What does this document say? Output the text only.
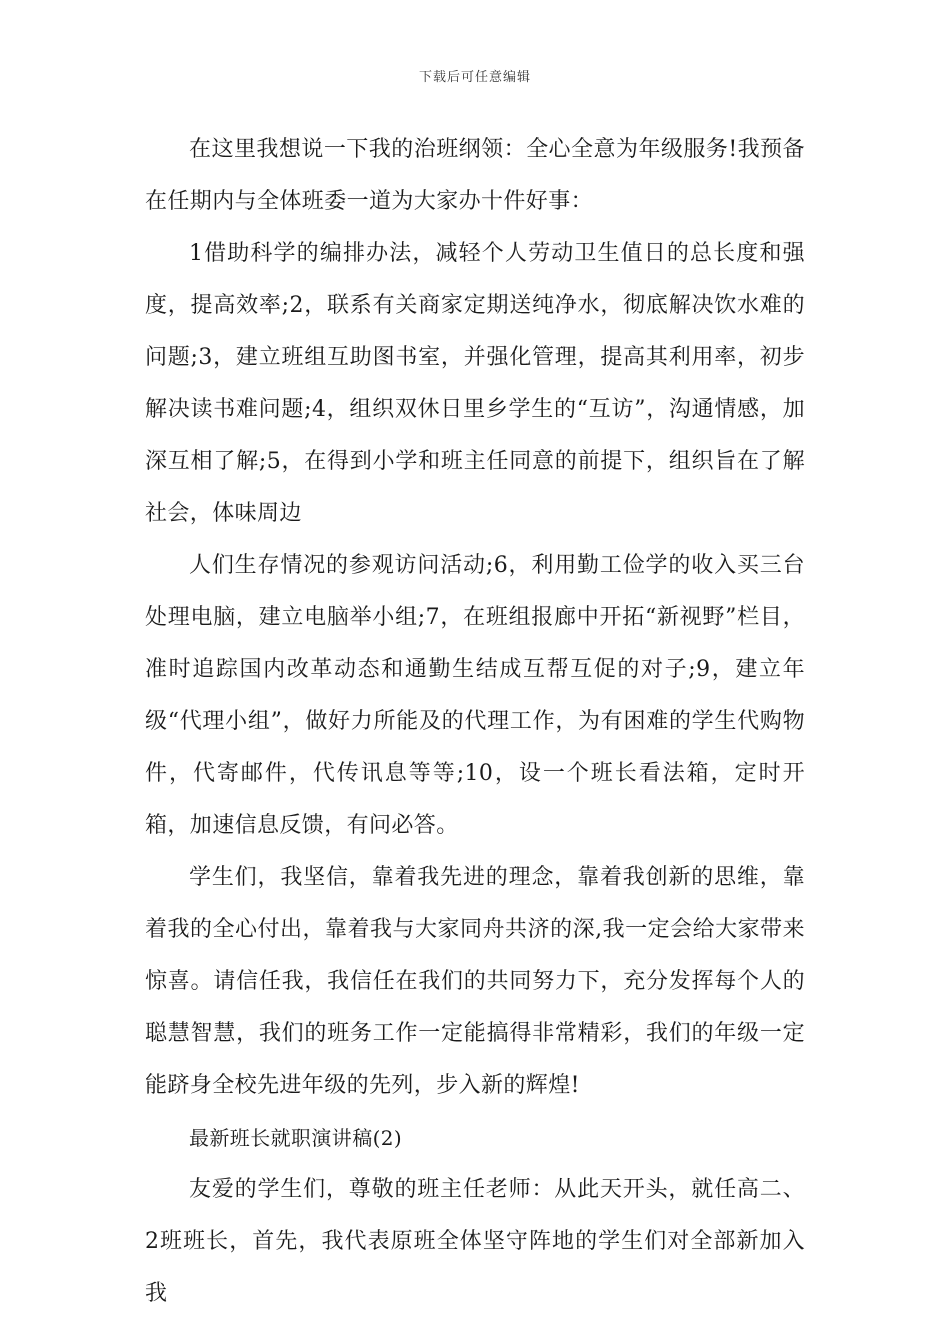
下载后可任意编辑

在这里我想说一下我的治班纲领：全心全意为年级服务!我预备在任期内与全体班委一道为大家办十件好事：

1借助科学的编排办法，减轻个人劳动卫生值日的总长度和强度，提高效率;2，联系有关商家定期送纯净水，彻底解决饮水难的问题;3，建立班组互助图书室，并强化管理，提高其利用率，初步解决读书难问题;4，组织双休日里乡学生的“互访”，沟通情感，加深互相了解;5，在得到小学和班主任同意的前提下，组织旨在了解社会，体味周边

人们生存情况的参观访问活动;6，利用勤工俭学的收入买三台处理电脑，建立电脑举小组;7，在班组报廊中开拓“新视野”栏目，准时追踪国内改革动态和通勤生结成互帮互促的对子;9，建立年级“代理小组”，做好力所能及的代理工作，为有困难的学生代购物件，代寄邮件，代传讯息等等;10，设一个班长看法箱，定时开箱，加速信息反馈，有问必答。

学生们，我坚信，靠着我先进的理念，靠着我创新的思维，靠着我的全心付出，靠着我与大家同舟共济的深,我一定会给大家带来惊喜。请信任我，我信任在我们的共同努力下，充分发挥每个人的聪慧智慧，我们的班务工作一定能搞得非常精彩，我们的年级一定能跻身全校先进年级的先列，步入新的辉煌!

最新班长就职演讲稿(2)

友爱的学生们，尊敬的班主任老师：从此天开头，就任高二、2班班长，首先，我代表原班全体坚守阵地的学生们对全部新加入我
